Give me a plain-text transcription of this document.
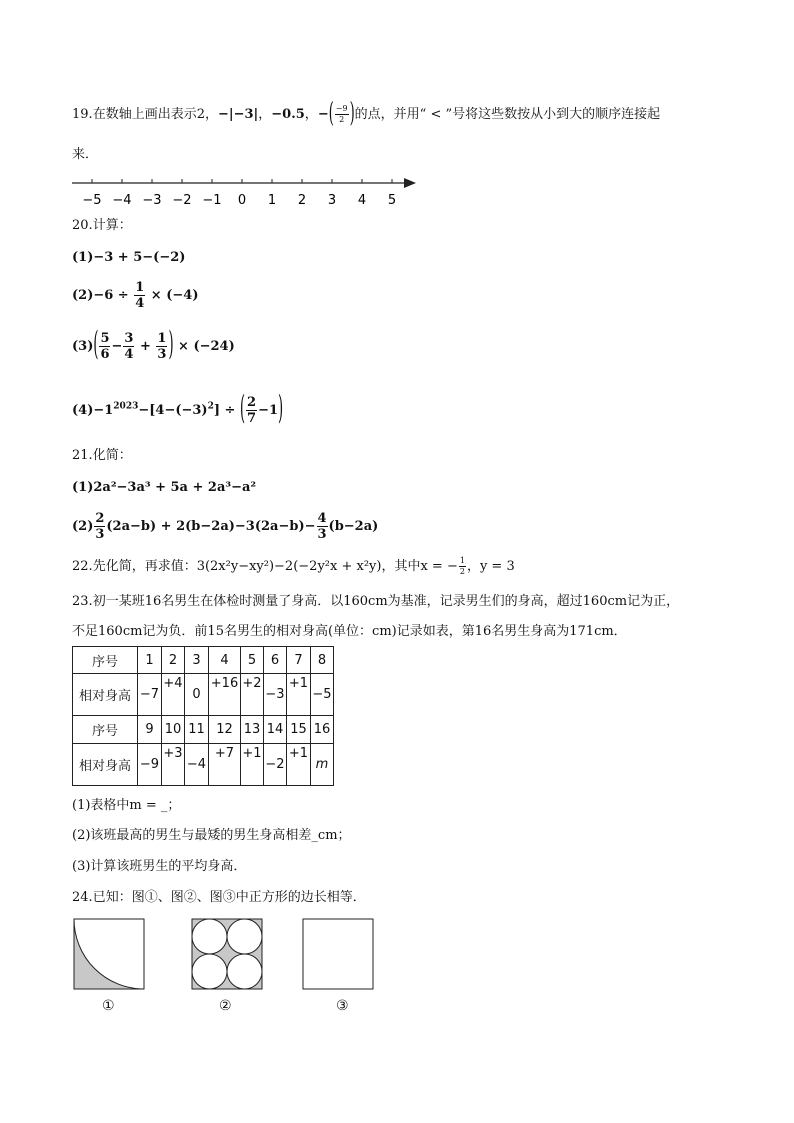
19.在数轴上画出表示2，−|−3|，−0.5，−( $\frac{-9}{2}$ )的点，并用“ < ”号将这些数按从小到大的顺序连接起
来．
−5 −4 −3 −2 −1 0 1 2 3 4 5
20.计算：
(1)−3 + 5−(−2)
$(2)-6 \div \frac{1}{4} \times (-4)$
$(3)( \frac{5}{6} - \frac{3}{4} + \frac{1}{3}$ ) × (−24)
$(4)-1^{2023}-[4-(-3)^2]$ ÷ ( $\frac{2}{7} -1$)
21.化简：
(1)2a²−3a³ + 5a + 2a³−a²
$(2) \frac{2}{3} (2a-b) + 2(b-2a)-3(2a-b)- \frac{4}{3} (b-2a)$
22.先化简，再求值：3(2x²y−xy²)−2(−2y²x + x²y)，其中x = − $\frac{1}{2}$ ，y = 3
23.初一某班16名男生在体检时测量了身高．以160cm为基准，记录男生们的身高，超过160cm记为正，
不足160cm记为负．前15名男生的相对身高(单位：cm)记录如表，第16名男生身高为171cm．
序号	1	2	3	4	5	6	7	8
相对身高	−7	+4	0	+16	+2	−3	+1	−5
序号	9	10	11	12	13	14	15	16
相对身高	−9	+3	−4	+7	+1	−2	+1	m
(1)表格中m = _；
(2)该班最高的男生与最矮的男生身高相差_cm；
(3)计算该班男生的平均身高．
24.已知：图①、图②、图③中正方形的边长相等．
①	②	③
